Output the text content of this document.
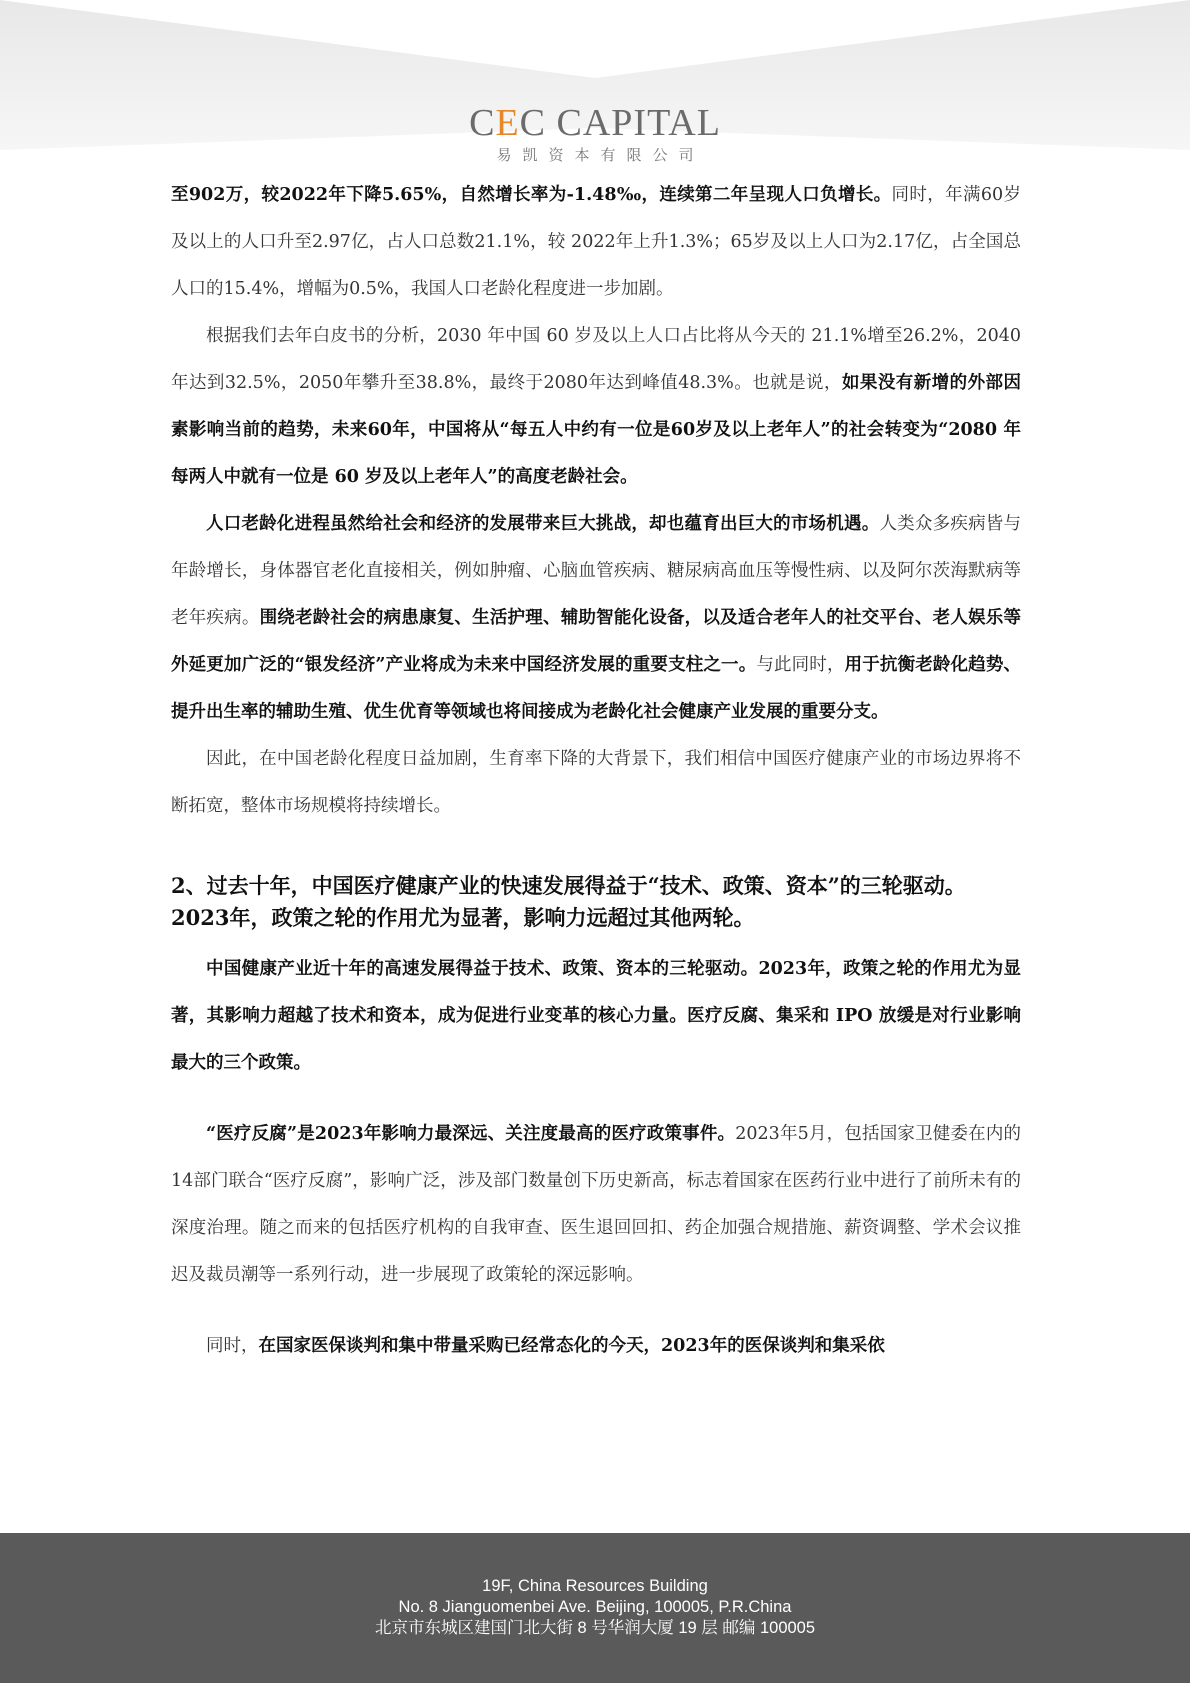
CEC CAPITAL
易凯资本有限公司

至902万，较2022年下降5.65%，自然增长率为-1.48‰，连续第二年呈现人口负增长。同时，年满60岁及以上的人口升至2.97亿，占人口总数21.1%，较 2022年上升1.3%；65岁及以上人口为2.17亿，占全国总人口的15.4%，增幅为0.5%，我国人口老龄化程度进一步加剧。

根据我们去年白皮书的分析，2030 年中国 60 岁及以上人口占比将从今天的 21.1%增至26.2%，2040年达到32.5%，2050年攀升至38.8%，最终于2080年达到峰值48.3%。也就是说，如果没有新增的外部因素影响当前的趋势，未来60年，中国将从“每五人中约有一位是60岁及以上老年人”的社会转变为“2080 年每两人中就有一位是 60 岁及以上老年人”的高度老龄社会。

人口老龄化进程虽然给社会和经济的发展带来巨大挑战，却也蕴育出巨大的市场机遇。人类众多疾病皆与年龄增长，身体器官老化直接相关，例如肿瘤、心脑血管疾病、糖尿病高血压等慢性病、以及阿尔茨海默病等老年疾病。围绕老龄社会的病患康复、生活护理、辅助智能化设备，以及适合老年人的社交平台、老人娱乐等外延更加广泛的“银发经济”产业将成为未来中国经济发展的重要支柱之一。与此同时，用于抗衡老龄化趋势、提升出生率的辅助生殖、优生优育等领域也将间接成为老龄化社会健康产业发展的重要分支。

因此，在中国老龄化程度日益加剧，生育率下降的大背景下，我们相信中国医疗健康产业的市场边界将不断拓宽，整体市场规模将持续增长。

2、过去十年，中国医疗健康产业的快速发展得益于“技术、政策、资本”的三轮驱动。2023年，政策之轮的作用尤为显著，影响力远超过其他两轮。

中国健康产业近十年的高速发展得益于技术、政策、资本的三轮驱动。2023年，政策之轮的作用尤为显著，其影响力超越了技术和资本，成为促进行业变革的核心力量。医疗反腐、集采和 IPO 放缓是对行业影响最大的三个政策。

“医疗反腐”是2023年影响力最深远、关注度最高的医疗政策事件。2023年5月，包括国家卫健委在内的14部门联合“医疗反腐”，影响广泛，涉及部门数量创下历史新高，标志着国家在医药行业中进行了前所未有的深度治理。随之而来的包括医疗机构的自我审查、医生退回回扣、药企加强合规措施、薪资调整、学术会议推迟及裁员潮等一系列行动，进一步展现了政策轮的深远影响。

同时，在国家医保谈判和集中带量采购已经常态化的今天，2023年的医保谈判和集采依

19F, China Resources Building
No. 8 Jianguomenbei Ave. Beijing, 100005, P.R.China
北京市东城区建国门北大街 8 号华润大厦 19 层 邮编 100005
